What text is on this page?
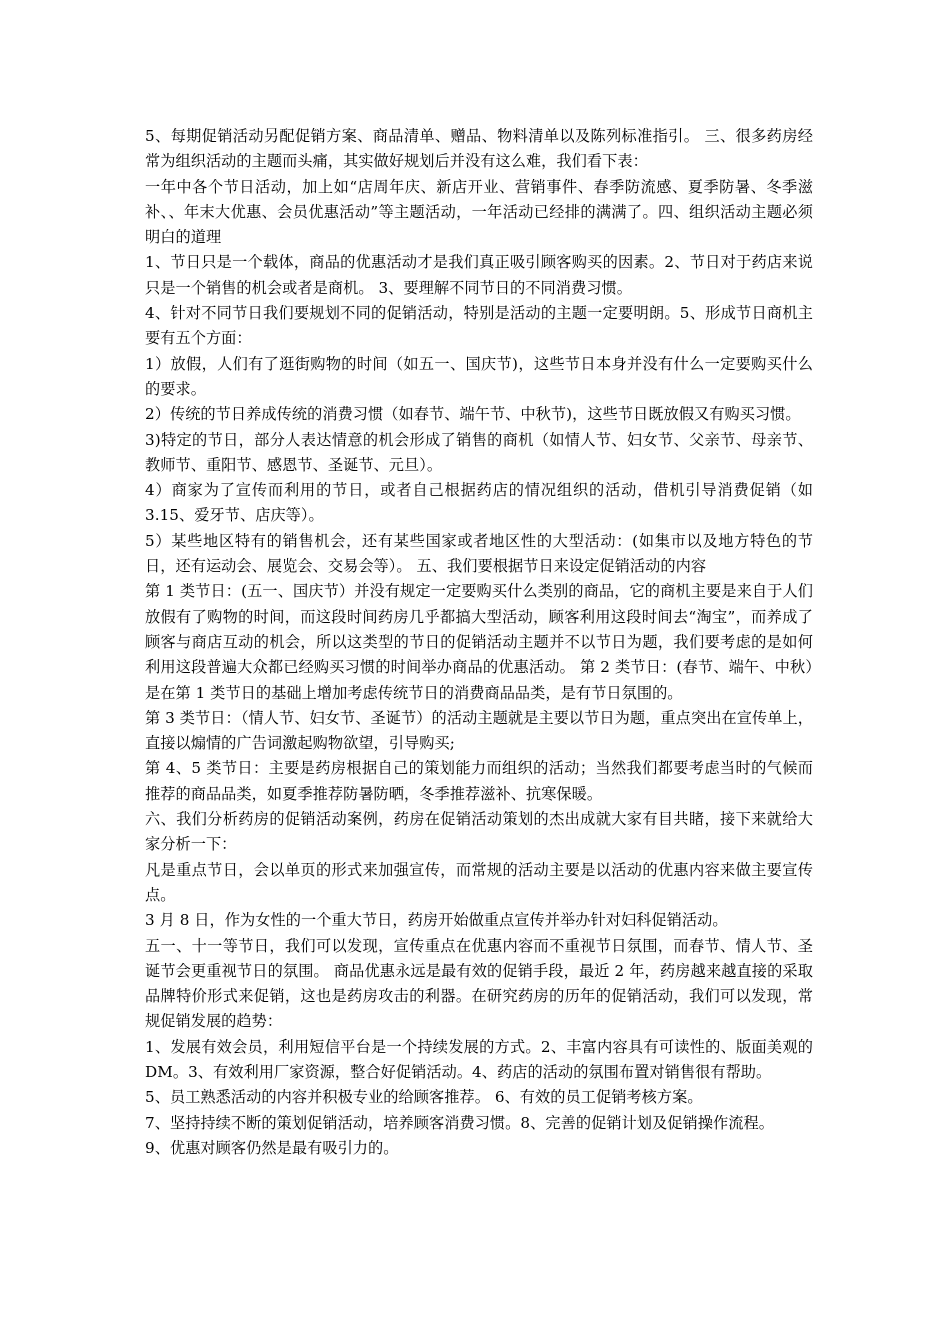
5、每期促销活动另配促销方案、商品清单、赠品、物料清单以及陈列标准指引。 三、很多药房经常为组织活动的主题而头痛，其实做好规划后并没有这么难，我们看下表：

一年中各个节日活动，加上如“店周年庆、新店开业、营销事件、春季防流感、夏季防暑、冬季滋补、、年末大优惠、会员优惠活动”等主题活动，一年活动已经排的满满了。四、组织活动主题必须明白的道理

1、节日只是一个载体，商品的优惠活动才是我们真正吸引顾客购买的因素。2、节日对于药店来说只是一个销售的机会或者是商机。 3、要理解不同节日的不同消费习惯。

4、针对不同节日我们要规划不同的促销活动，特别是活动的主题一定要明朗。5、形成节日商机主要有五个方面：

1）放假，人们有了逛街购物的时间（如五一、国庆节)，这些节日本身并没有什么一定要购买什么的要求。

2）传统的节日养成传统的消费习惯（如春节、端午节、中秋节)，这些节日既放假又有购买习惯。

3)特定的节日，部分人表达情意的机会形成了销售的商机（如情人节、妇女节、父亲节、母亲节、教师节、重阳节、感恩节、圣诞节、元旦）。

4）商家为了宣传而利用的节日，或者自己根据药店的情况组织的活动，借机引导消费促销（如 3.15、爱牙节、店庆等）。

5）某些地区特有的销售机会，还有某些国家或者地区性的大型活动：(如集市以及地方特色的节日，还有运动会、展览会、交易会等）。 五、我们要根据节日来设定促销活动的内容

第 1 类节日：(五一、国庆节）并没有规定一定要购买什么类别的商品，它的商机主要是来自于人们放假有了购物的时间，而这段时间药房几乎都搞大型活动，顾客利用这段时间去“淘宝”，而养成了顾客与商店互动的机会，所以这类型的节日的促销活动主题并不以节日为题，我们要考虑的是如何利用这段普遍大众都已经购买习惯的时间举办商品的优惠活动。 第 2 类节日：(春节、端午、中秋）是在第 1 类节日的基础上增加考虑传统节日的消费商品品类，是有节日氛围的。

第 3 类节日：（情人节、妇女节、圣诞节）的活动主题就是主要以节日为题，重点突出在宣传单上， 直接以煽情的广告词激起购物欲望，引导购买;

第 4、5 类节日：主要是药房根据自己的策划能力而组织的活动；当然我们都要考虑当时的气候而推荐的商品品类，如夏季推荐防暑防晒，冬季推荐滋补、抗寒保暖。

六、我们分析药房的促销活动案例，药房在促销活动策划的杰出成就大家有目共睹，接下来就给大家分析一下：

凡是重点节日，会以单页的形式来加强宣传，而常规的活动主要是以活动的优惠内容来做主要宣传点。

3 月 8 日，作为女性的一个重大节日，药房开始做重点宣传并举办针对妇科促销活动。

五一、十一等节日，我们可以发现，宣传重点在优惠内容而不重视节日氛围，而春节、情人节、圣诞节会更重视节日的氛围。 商品优惠永远是最有效的促销手段，最近 2 年，药房越来越直接的采取品牌特价形式来促销，这也是药房攻击的利器。在研究药房的历年的促销活动，我们可以发现，常规促销发展的趋势：

1、发展有效会员，利用短信平台是一个持续发展的方式。2、丰富内容具有可读性的、版面美观的 DM。3、有效利用厂家资源，整合好促销活动。4、药店的活动的氛围布置对销售很有帮助。

5、员工熟悉活动的内容并积极专业的给顾客推荐。 6、有效的员工促销考核方案。

7、坚持持续不断的策划促销活动，培养顾客消费习惯。8、完善的促销计划及促销操作流程。

9、优惠对顾客仍然是最有吸引力的。
